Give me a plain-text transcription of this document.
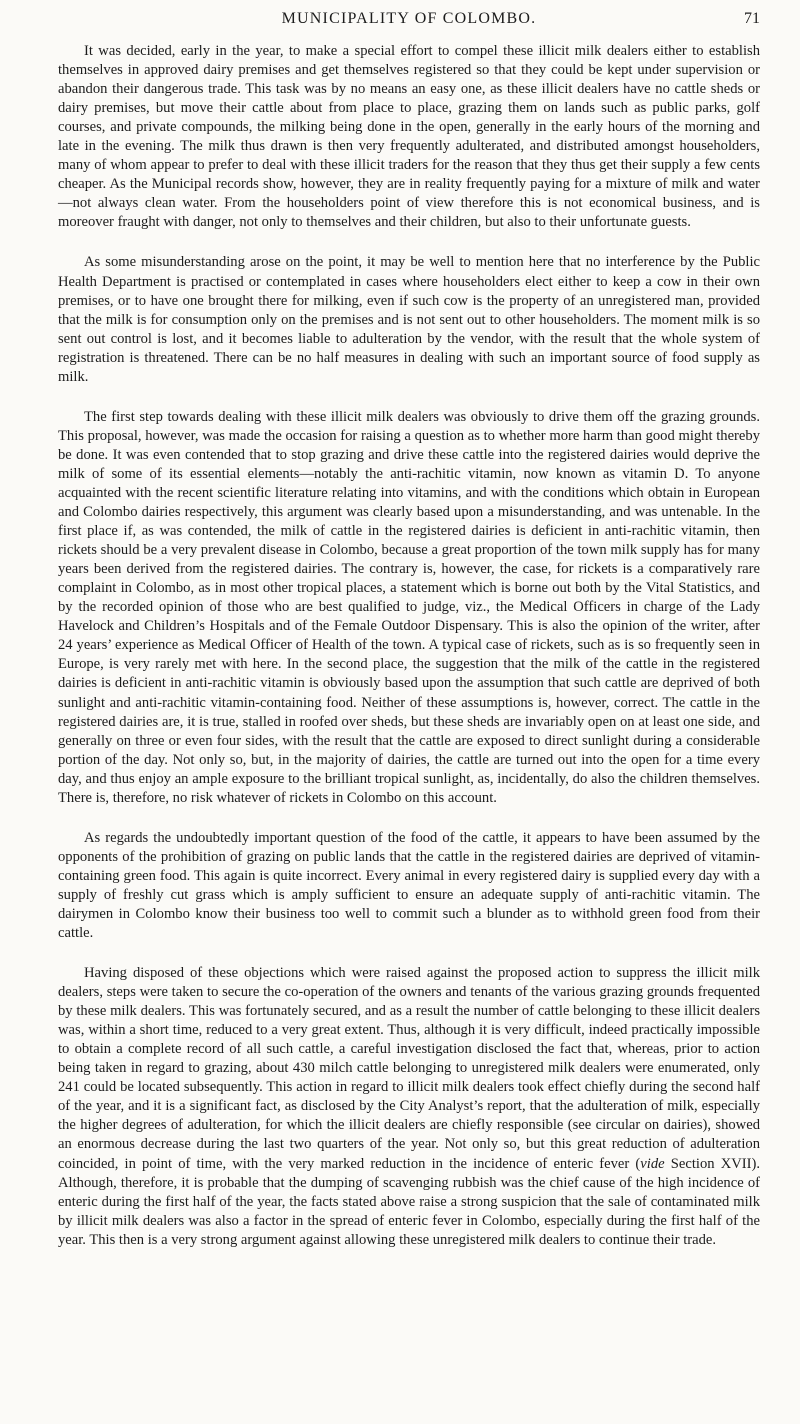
MUNICIPALITY OF COLOMBO.	71

It was decided, early in the year, to make a special effort to compel these illicit milk dealers either to establish themselves in approved dairy premises and get themselves registered so that they could be kept under supervision or abandon their dangerous trade. This task was by no means an easy one, as these illicit dealers have no cattle sheds or dairy premises, but move their cattle about from place to place, grazing them on lands such as public parks, golf courses, and private compounds, the milking being done in the open, generally in the early hours of the morning and late in the evening. The milk thus drawn is then very frequently adulterated, and distributed amongst householders, many of whom appear to prefer to deal with these illicit traders for the reason that they thus get their supply a few cents cheaper. As the Municipal records show, however, they are in reality frequently paying for a mixture of milk and water—not always clean water. From the householders point of view therefore this is not economical business, and is moreover fraught with danger, not only to themselves and their children, but also to their unfortunate guests.

As some misunderstanding arose on the point, it may be well to mention here that no interference by the Public Health Department is practised or contemplated in cases where householders elect either to keep a cow in their own premises, or to have one brought there for milking, even if such cow is the property of an unregistered man, provided that the milk is for consumption only on the premises and is not sent out to other householders. The moment milk is so sent out control is lost, and it becomes liable to adulteration by the vendor, with the result that the whole system of registration is threatened. There can be no half measures in dealing with such an important source of food supply as milk.

The first step towards dealing with these illicit milk dealers was obviously to drive them off the grazing grounds. This proposal, however, was made the occasion for raising a question as to whether more harm than good might thereby be done. It was even contended that to stop grazing and drive these cattle into the registered dairies would deprive the milk of some of its essential elements—notably the anti-rachitic vitamin, now known as vitamin D. To anyone acquainted with the recent scientific literature relating into vitamins, and with the conditions which obtain in European and Colombo dairies respectively, this argument was clearly based upon a misunderstanding, and was untenable. In the first place if, as was contended, the milk of cattle in the registered dairies is deficient in anti-rachitic vitamin, then rickets should be a very prevalent disease in Colombo, because a great proportion of the town milk supply has for many years been derived from the registered dairies. The contrary is, however, the case, for rickets is a comparatively rare complaint in Colombo, as in most other tropical places, a statement which is borne out both by the Vital Statistics, and by the recorded opinion of those who are best qualified to judge, viz., the Medical Officers in charge of the Lady Havelock and Children’s Hospitals and of the Female Outdoor Dispensary. This is also the opinion of the writer, after 24 years’ experience as Medical Officer of Health of the town. A typical case of rickets, such as is so frequently seen in Europe, is very rarely met with here. In the second place, the suggestion that the milk of the cattle in the registered dairies is deficient in anti-rachitic vitamin is obviously based upon the assumption that such cattle are deprived of both sunlight and anti-rachitic vitamin-containing food. Neither of these assumptions is, however, correct. The cattle in the registered dairies are, it is true, stalled in roofed over sheds, but these sheds are invariably open on at least one side, and generally on three or even four sides, with the result that the cattle are exposed to direct sunlight during a considerable portion of the day. Not only so, but, in the majority of dairies, the cattle are turned out into the open for a time every day, and thus enjoy an ample exposure to the brilliant tropical sunlight, as, incidentally, do also the children themselves. There is, therefore, no risk whatever of rickets in Colombo on this account.

As regards the undoubtedly important question of the food of the cattle, it appears to have been assumed by the opponents of the prohibition of grazing on public lands that the cattle in the registered dairies are deprived of vitamin-containing green food. This again is quite incorrect. Every animal in every registered dairy is supplied every day with a supply of freshly cut grass which is amply sufficient to ensure an adequate supply of anti-rachitic vitamin. The dairymen in Colombo know their business too well to commit such a blunder as to withhold green food from their cattle.

Having disposed of these objections which were raised against the proposed action to suppress the illicit milk dealers, steps were taken to secure the co-operation of the owners and tenants of the various grazing grounds frequented by these milk dealers. This was fortunately secured, and as a result the number of cattle belonging to these illicit dealers was, within a short time, reduced to a very great extent. Thus, although it is very difficult, indeed practically impossible to obtain a complete record of all such cattle, a careful investigation disclosed the fact that, whereas, prior to action being taken in regard to grazing, about 430 milch cattle belonging to unregistered milk dealers were enumerated, only 241 could be located subsequently. This action in regard to illicit milk dealers took effect chiefly during the second half of the year, and it is a significant fact, as disclosed by the City Analyst’s report, that the adulteration of milk, especially the higher degrees of adulteration, for which the illicit dealers are chiefly responsible (see circular on dairies), showed an enormous decrease during the last two quarters of the year. Not only so, but this great reduction of adulteration coincided, in point of time, with the very marked reduction in the incidence of enteric fever (vide Section XVII). Although, therefore, it is probable that the dumping of scavenging rubbish was the chief cause of the high incidence of enteric during the first half of the year, the facts stated above raise a strong suspicion that the sale of contaminated milk by illicit milk dealers was also a factor in the spread of enteric fever in Colombo, especially during the first half of the year. This then is a very strong argument against allowing these unregistered milk dealers to continue their trade.
